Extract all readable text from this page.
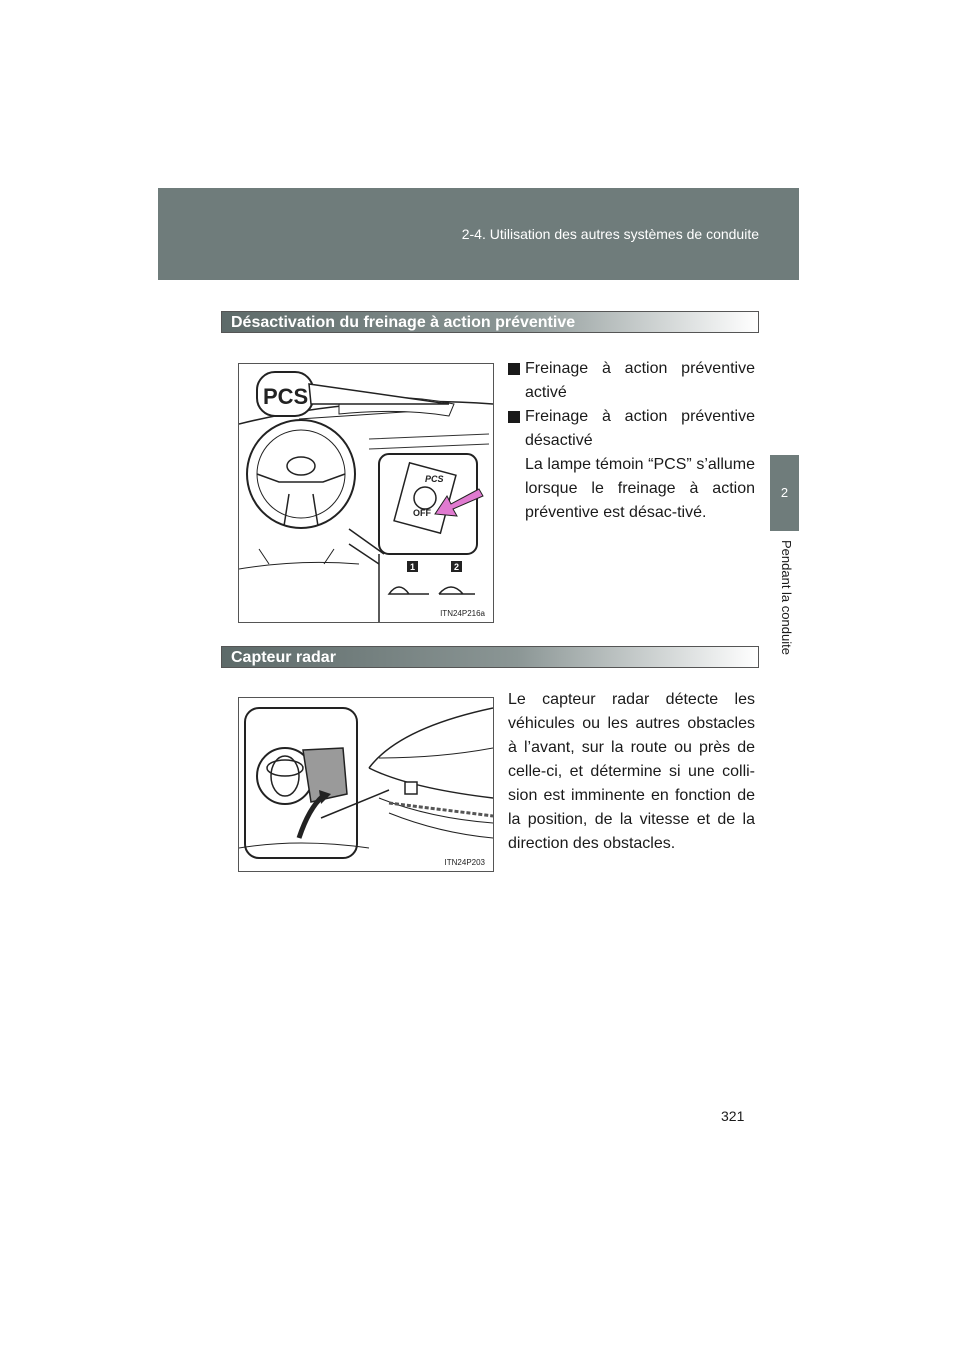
2-4. Utilisation des autres systèmes de conduite
2
Pendant la conduite
Désactivation du freinage à action préventive
PCS
PCS
OFF
1	2
ITN24P216a
Freinage à action préventive activé
Freinage à action préventive désactivé
La lampe témoin “PCS” s’allume lorsque le freinage à action préventive est désac-tivé.
Capteur radar
ITN24P203
Le capteur radar détecte les véhicules ou les autres obstacles à l’avant, sur la route ou près de celle-ci, et détermine si une colli-sion est imminente en fonction de la position, de la vitesse et de la direction des obstacles.
321
